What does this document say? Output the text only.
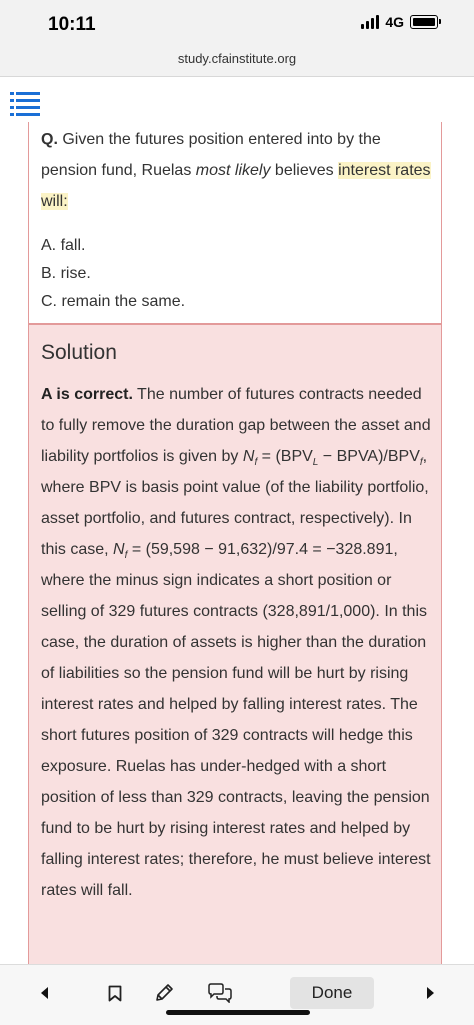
10:11	4G
study.cfainstitute.org
Q. Given the futures position entered into by the pension fund, Ruelas most likely believes interest rates will:
A. fall.
B. rise.
C. remain the same.
Solution
A is correct. The number of futures contracts needed to fully remove the duration gap between the asset and liability portfolios is given by $N_f = (BPV_L$ − $BPVA)/BPV_f$, where BPV is basis point value (of the liability portfolio, asset portfolio, and futures contract, respectively). In this case, $N_f = (59,598 - 91,632)/97.4 = -328.891$, where the minus sign indicates a short position or selling of 329 futures contracts (328,891/1,000). In this case, the duration of assets is higher than the duration of liabilities so the pension fund will be hurt by rising interest rates and helped by falling interest rates. The short futures position of 329 contracts will hedge this exposure. Ruelas has under-hedged with a short position of less than 329 contracts, leaving the pension fund to be hurt by rising interest rates and helped by falling interest rates; therefore, he must believe interest rates will fall.
Done
